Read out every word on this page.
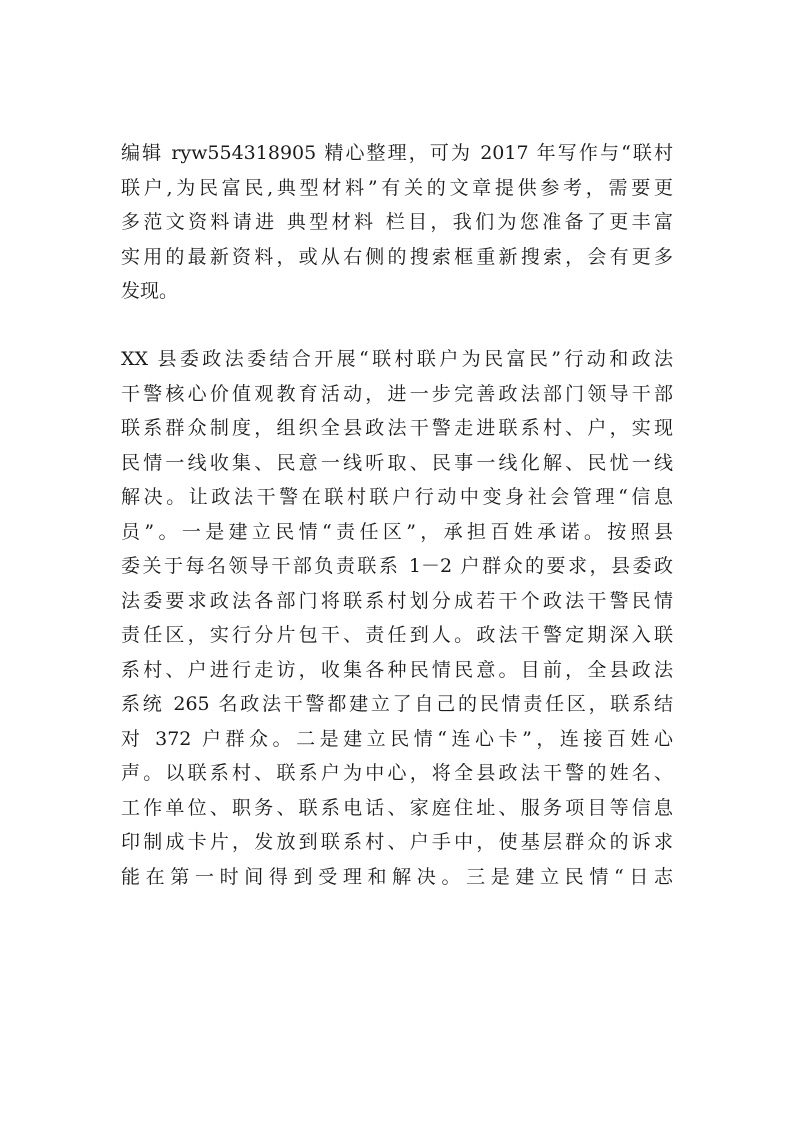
编辑 ryw554318905 精心整理，可为 2017 年写作与“联村
联户,为民富民,典型材料”有关的文章提供参考，需要更
多范文资料请进 典型材料 栏目，我们为您准备了更丰富
实用的最新资料，或从右侧的搜索框重新搜索，会有更多
发现。
XX 县委政法委结合开展“联村联户为民富民”行动和政法
干警核心价值观教育活动，进一步完善政法部门领导干部
联系群众制度，组织全县政法干警走进联系村、户，实现
民情一线收集、民意一线听取、民事一线化解、民忧一线
解决。让政法干警在联村联户行动中变身社会管理“信息
员”。一是建立民情“责任区”，承担百姓承诺。按照县
委关于每名领导干部负责联系 1－2 户群众的要求，县委政
法委要求政法各部门将联系村划分成若干个政法干警民情
责任区，实行分片包干、责任到人。政法干警定期深入联
系村、户进行走访，收集各种民情民意。目前，全县政法
系统 265 名政法干警都建立了自己的民情责任区，联系结
对 372 户群众。二是建立民情“连心卡”，连接百姓心
声。以联系村、联系户为中心，将全县政法干警的姓名、
工作单位、职务、联系电话、家庭住址、服务项目等信息
印制成卡片，发放到联系村、户手中，使基层群众的诉求
能在第一时间得到受理和解决。三是建立民情“日志
